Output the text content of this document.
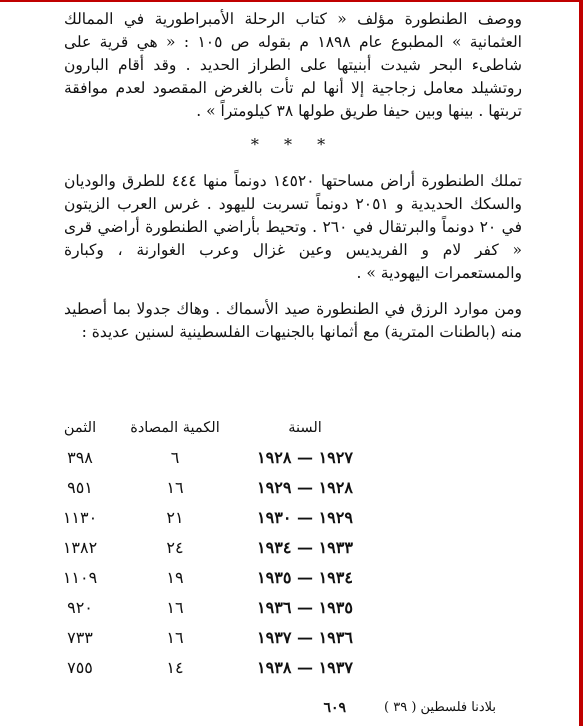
ووصف الطنطورة مؤلف « كتاب الرحلة الأمبراطورية في الممالك العثمانية » المطبوع عام ١٨٩٨ م بقوله ص ١٠٥ : « هي قرية على شاطىء البحر شيدت أبنيتها على الطراز الحديد . وقد أقام البارون روتشيلد معامل زجاجية إلا أنها لم تأت بالغرض المقصود لعدم موافقة تربتها . بينها وبين حيفا طريق طولها ٣٨ كيلومتراً » .

* * *

تملك الطنطورة أراض مساحتها ١٤٥٢٠ دونماً منها ٤٤٤ للطرق والوديان والسكك الحديدية و ٢٠٥١ دونماً تسربت لليهود . غرس العرب الزيتون في ٢٠ دونماً والبرتقال في ٢٦٠ . وتحيط بأراضي الطنطورة أراضي قرى « كفر لام و الفريديس وعين غزال وعرب الغوارنة ، وكبارة والمستعمرات اليهودية » .

ومن موارد الرزق في الطنطورة صيد الأسماك . وهاك جدولا بما أصطيد منه (بالطنات المترية) مع أثمانها بالجنيهات الفلسطينية لسنين عديدة :

السنة	الكمية المصادة	الثمن
١٩٢٧ — ١٩٢٨	٦	٣٩٨
١٩٢٨ — ١٩٢٩	١٦	٩٥١
١٩٢٩ — ١٩٣٠	٢١	١١٣٠
١٩٣٣ — ١٩٣٤	٢٤	١٣٨٢
١٩٣٤ — ١٩٣٥	١٩	١١٠٩
١٩٣٥ — ١٩٣٦	١٦	٩٢٠
١٩٣٦ — ١٩٣٧	١٦	٧٣٣
١٩٣٧ — ١٩٣٨	١٤	٧٥٥
بلادنا فلسطين ( ٣٩ )
٦٠٩
